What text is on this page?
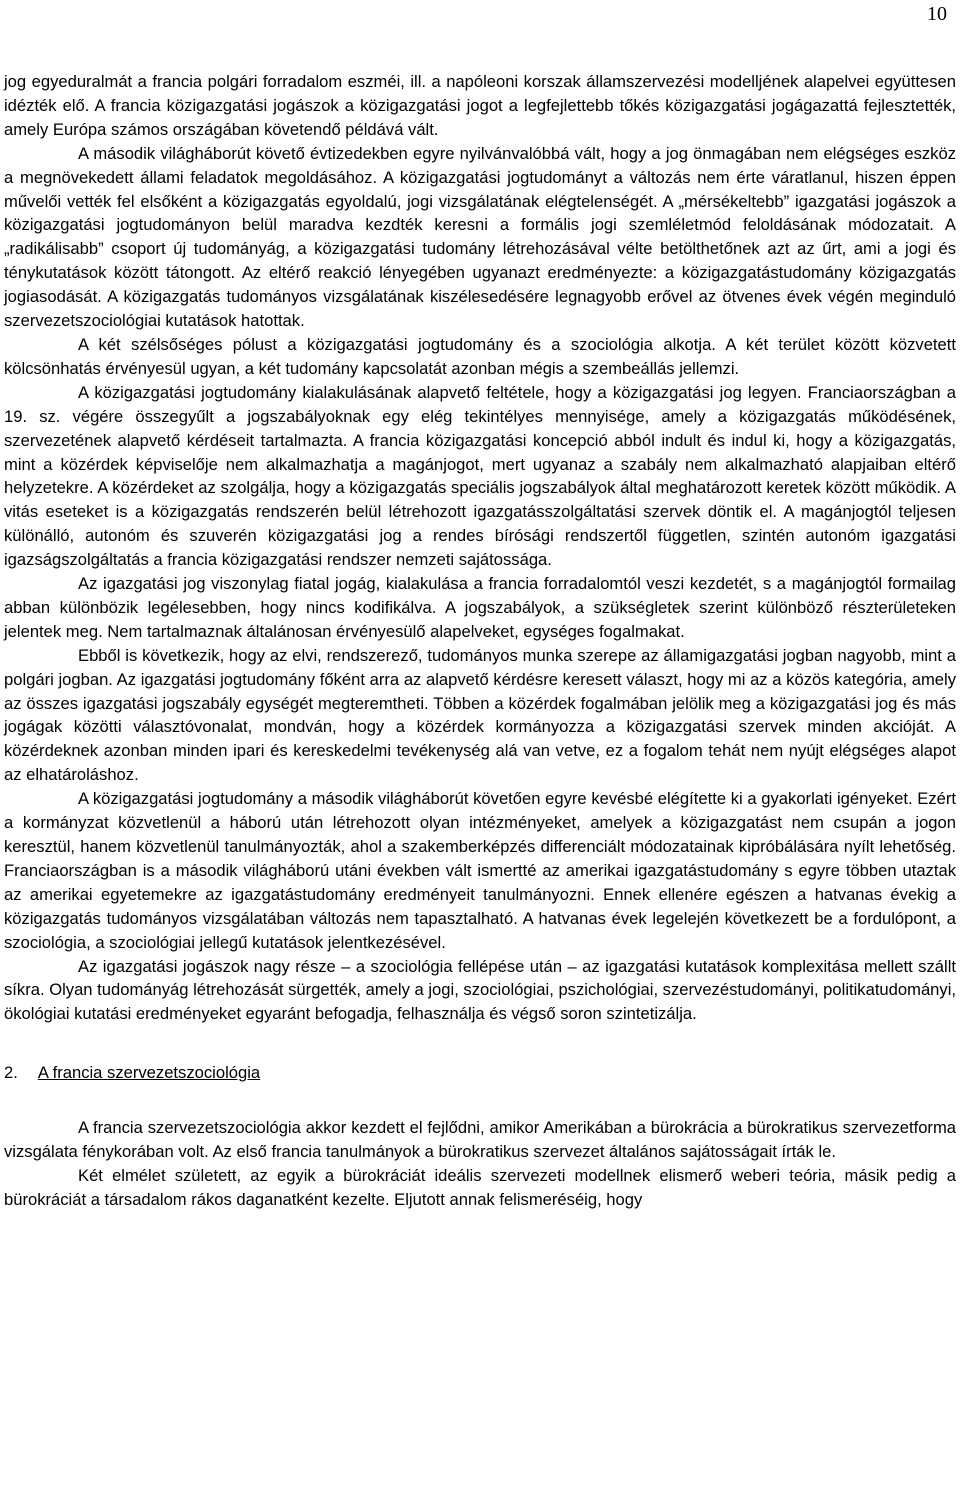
10

jog egyeduralmát a francia polgári forradalom eszméi, ill. a napóleoni korszak államszervezési modelljének alapelvei együttesen idézték elő. A francia közigazgatási jogászok a közigazgatási jogot a legfejlettebb tőkés közigazgatási jogágazattá fejlesztették, amely Európa számos országában követendő példává vált.

A második világháborút követő évtizedekben egyre nyilvánvalóbbá vált, hogy a jog önmagában nem elégséges eszköz a megnövekedett állami feladatok megoldásához. A közigazgatási jogtudományt a változás nem érte váratlanul, hiszen éppen művelői vették fel elsőként a közigazgatás egyoldalú, jogi vizsgálatának elégtelenségét. A „mérsékeltebb” igazgatási jogászok a közigazgatási jogtudományon belül maradva kezdték keresni a formális jogi szemléletmód feloldásának módozatait. A „radikálisabb” csoport új tudományág, a közigazgatási tudomány létrehozásával vélte betölthetőnek azt az űrt, ami a jogi és ténykutatások között tátongott. Az eltérő reakció lényegében ugyanazt eredményezte: a közigazgatástudomány közigazgatás jogiasodását. A közigazgatás tudományos vizsgálatának kiszélesedésére legnagyobb erővel az ötvenes évek végén meginduló szervezetszociológiai kutatások hatottak.

A két szélsőséges pólust a közigazgatási jogtudomány és a szociológia alkotja. A két terület között közvetett kölcsönhatás érvényesül ugyan, a két tudomány kapcsolatát azonban mégis a szembeállás jellemzi.

A közigazgatási jogtudomány kialakulásának alapvető feltétele, hogy a közigazgatási jog legyen. Franciaországban a 19. sz. végére összegyűlt a jogszabályoknak egy elég tekintélyes mennyisége, amely a közigazgatás működésének, szervezetének alapvető kérdéseit tartalmazta. A francia közigazgatási koncepció abból indult és indul ki, hogy a közigazgatás, mint a közérdek képviselője nem alkalmazhatja a magánjogot, mert ugyanaz a szabály nem alkalmazható alapjaiban eltérő helyzetekre. A közérdeket az szolgálja, hogy a közigazgatás speciális jogszabályok által meghatározott keretek között működik. A vitás eseteket is a közigazgatás rendszerén belül létrehozott igazgatásszolgáltatási szervek döntik el. A magánjogtól teljesen különálló, autonóm és szuverén közigazgatási jog a rendes bírósági rendszertől független, szintén autonóm igazgatási igazságszolgáltatás a francia közigazgatási rendszer nemzeti sajátossága.

Az igazgatási jog viszonylag fiatal jogág, kialakulása a francia forradalomtól veszi kezdetét, s a magánjogtól formailag abban különbözik legélesebben, hogy nincs kodifikálva. A jogszabályok, a szükségletek szerint különböző részterületeken jelentek meg. Nem tartalmaznak általánosan érvényesülő alapelveket, egységes fogalmakat.

Ebből is következik, hogy az elvi, rendszerező, tudományos munka szerepe az államigazgatási jogban nagyobb, mint a polgári jogban. Az igazgatási jogtudomány főként arra az alapvető kérdésre keresett választ, hogy mi az a közös kategória, amely az összes igazgatási jogszabály egységét megteremtheti. Többen a közérdek fogalmában jelölik meg a közigazgatási jog és más jogágak közötti választóvonalat, mondván, hogy a közérdek kormányozza a közigazgatási szervek minden akcióját. A közérdeknek azonban minden ipari és kereskedelmi tevékenység alá van vetve, ez a fogalom tehát nem nyújt elégséges alapot az elhatároláshoz.

A közigazgatási jogtudomány a második világháborút követően egyre kevésbé elégítette ki a gyakorlati igényeket. Ezért a kormányzat közvetlenül a háború után létrehozott olyan intézményeket, amelyek a közigazgatást nem csupán a jogon keresztül, hanem közvetlenül tanulmányozták, ahol a szakemberképzés differenciált módozatainak kipróbálására nyílt lehetőség. Franciaországban is a második világháború utáni években vált ismertté az amerikai igazgatástudomány s egyre többen utaztak az amerikai egyetemekre az igazgatástudomány eredményeit tanulmányozni. Ennek ellenére egészen a hatvanas évekig a közigazgatás tudományos vizsgálatában változás nem tapasztalható. A hatvanas évek legelején következett be a fordulópont, a szociológia, a szociológiai jellegű kutatások jelentkezésével.

Az igazgatási jogászok nagy része – a szociológia fellépése után – az igazgatási kutatások komplexitása mellett szállt síkra. Olyan tudományág létrehozását sürgették, amely a jogi, szociológiai, pszichológiai, szervezéstudományi, politikatudományi, ökológiai kutatási eredményeket egyaránt befogadja, felhasználja és végső soron szintetizálja.

2. A francia szervezetszociológia

A francia szervezetszociológia akkor kezdett el fejlődni, amikor Amerikában a bürokrácia a bürokratikus szervezetforma vizsgálata fénykorában volt. Az első francia tanulmányok a bürokratikus szervezet általános sajátosságait írták le.

Két elmélet született, az egyik a bürokráciát ideális szervezeti modellnek elismerő weberi teória, másik pedig a bürokráciát a társadalom rákos daganatként kezelte. Eljutott annak felismeréséig, hogy
